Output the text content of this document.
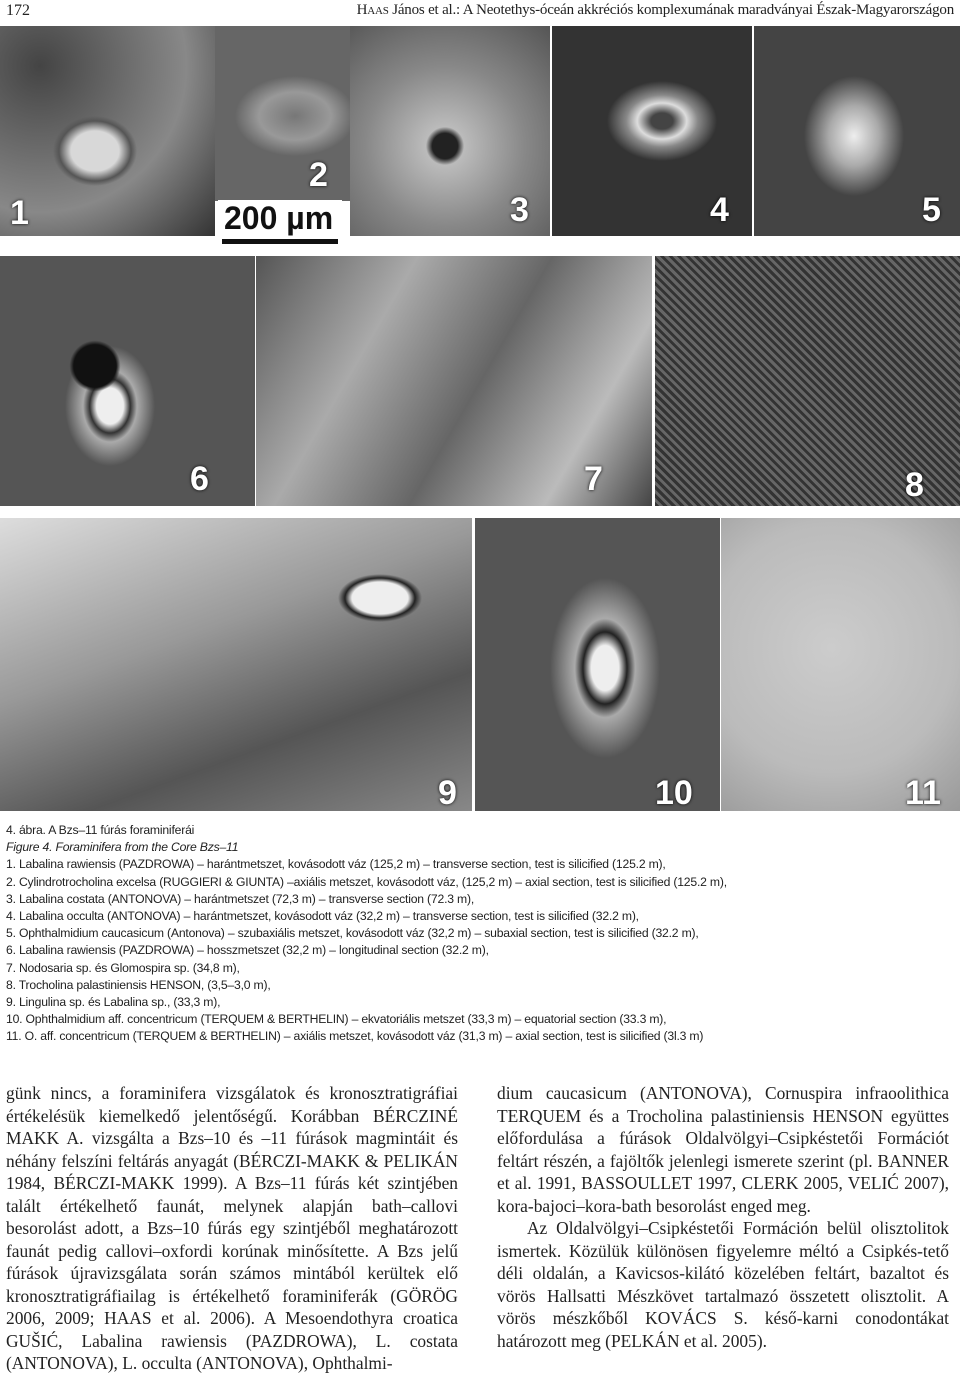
172	Haas János et al.: A Neotethys-óceán akkréciós komplexumának maradványai Észak-Magyarországon
1
2
200 µm	3	4	5
6	7	8
9	10	11
4. ábra. A Bzs–11 fúrás foraminiferái
Figure 4. Foraminifera from the Core Bzs–11
1. Labalina rawiensis (PAZDROWA) – harántmetszet, kovásodott váz (125,2 m) – transverse section, test is silicified (125.2 m),
2. Cylindrotrocholina excelsa (RUGGIERI & GIUNTA) –axiális metszet, kovásodott váz, (125,2 m) – axial section, test is silicified (125.2 m),
3. Labalina costata (ANTONOVA) – harántmetszet (72,3 m) – transverse section (72.3 m),
4. Labalina occulta (ANTONOVA) – harántmetszet, kovásodott váz (32,2 m) – transverse section, test is silicified (32.2 m),
5. Ophthalmidium caucasicum (Antonova) – szubaxiális metszet, kovásodott váz (32,2 m) – subaxial section, test is silicified (32.2 m),
6. Labalina rawiensis (PAZDROWA) – hosszmetszet (32,2 m) – longitudinal section (32.2 m),
7. Nodosaria sp. és Glomospira sp. (34,8 m),
8. Trocholina palastiniensis HENSON, (3,5–3,0 m),
9. Lingulina sp. és Labalina sp., (33,3 m),
10. Ophthalmidium aff. concentricum (TERQUEM & BERTHELIN) – ekvatoriális metszet (33,3 m) – equatorial section (33.3 m),
11. O. aff. concentricum (TERQUEM & BERTHELIN) – axiális metszet, kovásodott váz (31,3 m) – axial section, test is silicified (3l.3 m)

günk nincs, a foraminifera vizsgálatok és kronosztratigráfiai értékelésük kiemelkedő jelentőségű. Korábban BÉRCZINÉ MAKK A. vizsgálta a Bzs–10 és –11 fúrások magmintáit és néhány felszíni feltárás anyagát (BÉRCZI-MAKK & PELIKÁN 1984, BÉRCZI-MAKK 1999). A Bzs–11 fúrás két szintjében talált értékelhető faunát, melynek alapján bath–callovi besorolást adott, a Bzs–10 fúrás egy szintjéből meghatározott faunát pedig callovi–oxfordi korúnak minősítette. A Bzs jelű fúrások újravizsgálata során számos mintából kerültek elő kronosztratigráfiailag is értékelhető foraminiferák (GÖRÖG 2006, 2009; HAAS et al. 2006). A Mesoendothyra croatica GUŠIĆ, Labalina rawiensis (PAZDROWA), L. costata (ANTONOVA), L. occulta (ANTONOVA), Ophthalmi-

dium caucasicum (ANTONOVA), Cornuspira infraoolithica TERQUEM és a Trocholina palastiniensis HENSON együttes előfordulása a fúrások Oldalvölgyi–Csipkéstetői Formációt feltárt részén, a fajöltők jelenlegi ismerete szerint (pl. BANNER et al. 1991, BASSOULLET 1997, CLERK 2005, VELIĆ 2007), kora-bajoci–kora-bath besorolást enged meg.

Az Oldalvölgyi–Csipkéstetői Formáción belül olisztolitok ismertek. Közülük különösen figyelemre méltó a Csipkés-tető déli oldalán, a Kavicsos-kilátó közelében feltárt, bazaltot és vörös Hallsatti Mészkövet tartalmazó összetett olisztolit. A vörös mészkőből KOVÁCS S. késő-karni conodontákat határozott meg (PELKÁN et al. 2005).
